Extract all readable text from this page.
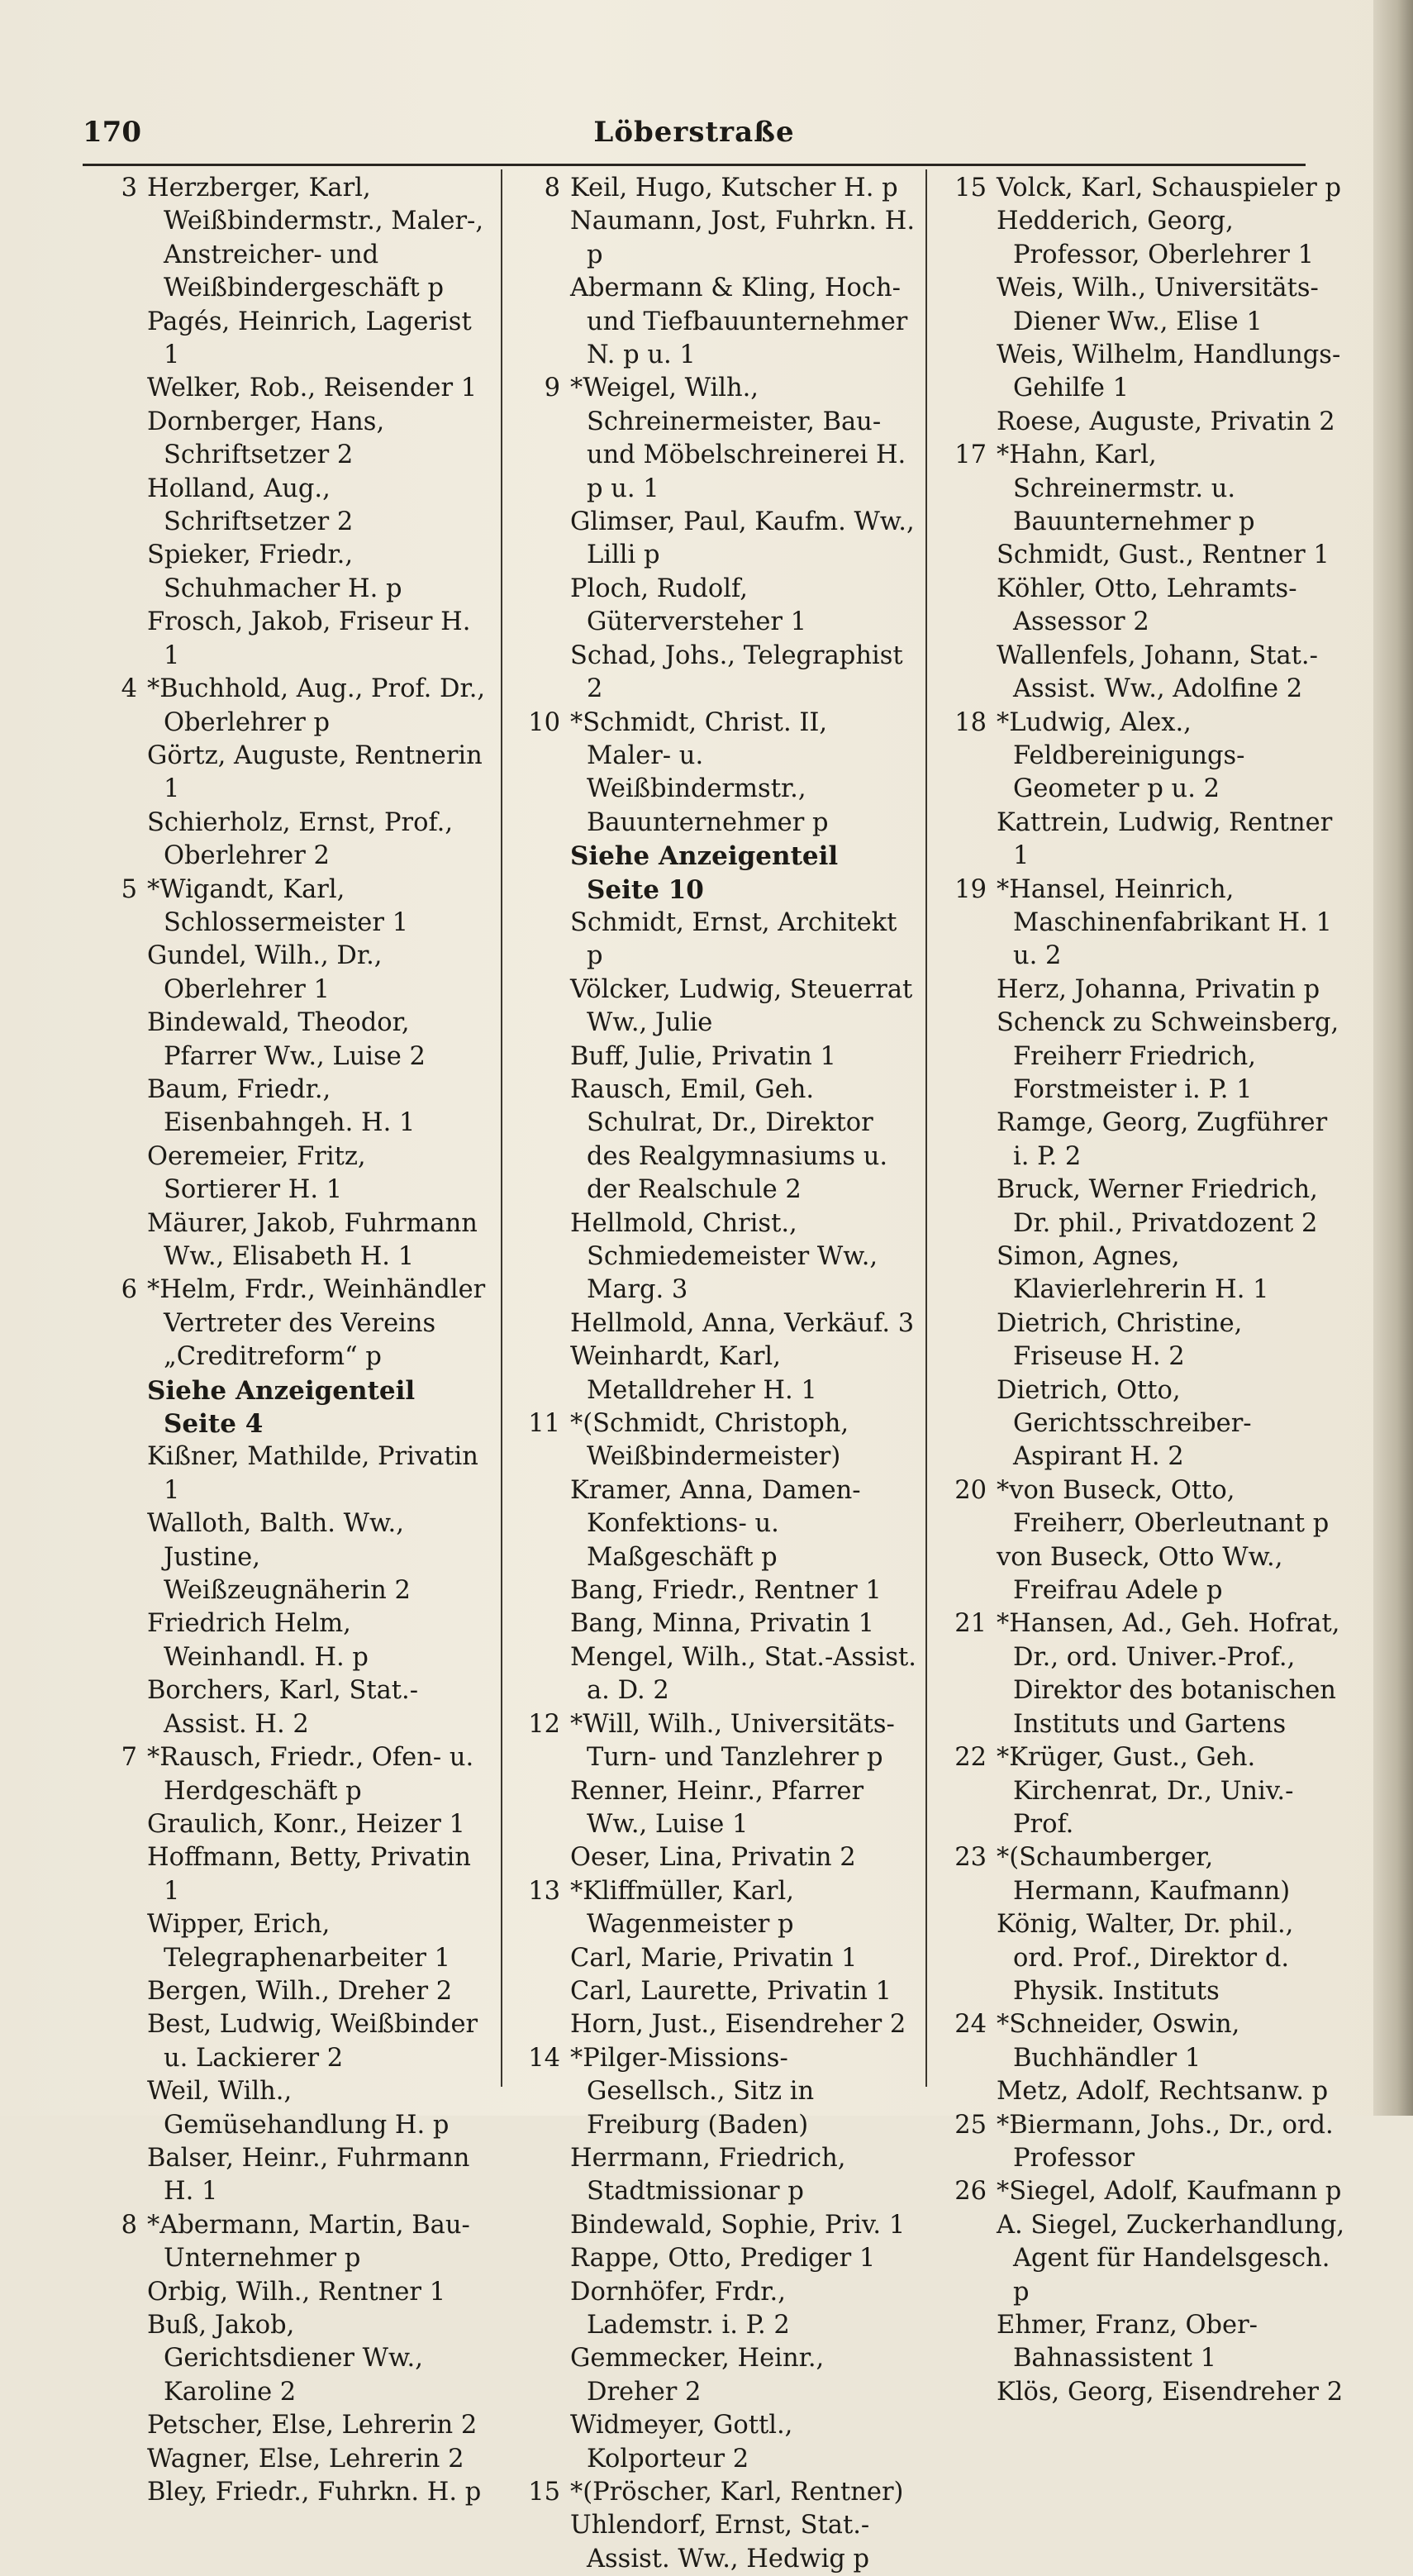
170	Löberstraße
3 Herzberger, Karl, Weißbindermstr., Maler-, Anstreicher- und Weißbindergeschäft p
Pagés, Heinrich, Lagerist 1
Welker, Rob., Reisender 1
Dornberger, Hans, Schriftsetzer 2
Holland, Aug., Schriftsetzer 2
Spieker, Friedr., Schuhmacher H. p
Frosch, Jakob, Friseur H. 1
4 *Buchhold, Aug., Prof. Dr., Oberlehrer p
Görtz, Auguste, Rentnerin 1
Schierholz, Ernst, Prof., Oberlehrer 2
5 *Wigandt, Karl, Schlossermeister 1
Gundel, Wilh., Dr., Oberlehrer 1
Bindewald, Theodor, Pfarrer Ww., Luise 2
Baum, Friedr., Eisenbahngeh. H. 1
Oeremeier, Fritz, Sortierer H. 1
Mäurer, Jakob, Fuhrmann Ww., Elisabeth H. 1
6 *Helm, Frdr., Weinhändler Vertreter des Vereins „Creditreform“ p
Siehe Anzeigenteil Seite 4
Kißner, Mathilde, Privatin 1
Walloth, Balth. Ww., Justine, Weißzeugnäherin 2
Friedrich Helm, Weinhandl. H. p
Borchers, Karl, Stat.-Assist. H. 2
7 *Rausch, Friedr., Ofen- u. Herdgeschäft p
Graulich, Konr., Heizer 1
Hoffmann, Betty, Privatin 1
Wipper, Erich, Telegraphenarbeiter 1
Bergen, Wilh., Dreher 2
Best, Ludwig, Weißbinder u. Lackierer 2
Weil, Wilh., Gemüsehandlung H. p
Balser, Heinr., Fuhrmann H. 1
8 *Abermann, Martin, Bau-Unternehmer p
Orbig, Wilh., Rentner 1
Buß, Jakob, Gerichtsdiener Ww., Karoline 2
Petscher, Else, Lehrerin 2
Wagner, Else, Lehrerin 2
Bley, Friedr., Fuhrkn. H. p
8 Keil, Hugo, Kutscher H. p
Naumann, Jost, Fuhrkn. H. p
Abermann & Kling, Hoch- und Tiefbauunternehmer N. p u. 1
9 *Weigel, Wilh., Schreinermeister, Bau- und Möbelschreinerei H. p u. 1
Glimser, Paul, Kaufm. Ww., Lilli p
Ploch, Rudolf, Güterversteher 1
Schad, Johs., Telegraphist 2
10 *Schmidt, Christ. II, Maler- u. Weißbindermstr., Bauunternehmer p
Siehe Anzeigenteil Seite 10
Schmidt, Ernst, Architekt p
Völcker, Ludwig, Steuerrat Ww., Julie
Buff, Julie, Privatin 1
Rausch, Emil, Geh. Schulrat, Dr., Direktor des Realgymnasiums u. der Realschule 2
Hellmold, Christ., Schmiedemeister Ww., Marg. 3
Hellmold, Anna, Verkäuf. 3
Weinhardt, Karl, Metalldreher H. 1
11 *(Schmidt, Christoph, Weißbindermeister)
Kramer, Anna, Damen-Konfektions- u. Maßgeschäft p
Bang, Friedr., Rentner 1
Bang, Minna, Privatin 1
Mengel, Wilh., Stat.-Assist. a. D. 2
12 *Will, Wilh., Universitäts-Turn- und Tanzlehrer p
Renner, Heinr., Pfarrer Ww., Luise 1
Oeser, Lina, Privatin 2
13 *Kliffmüller, Karl, Wagenmeister p
Carl, Marie, Privatin 1
Carl, Laurette, Privatin 1
Horn, Just., Eisendreher 2
14 *Pilger-Missions-Gesellsch., Sitz in Freiburg (Baden)
Herrmann, Friedrich, Stadtmissionar p
Bindewald, Sophie, Priv. 1
Rappe, Otto, Prediger 1
Dornhöfer, Frdr., Lademstr. i. P. 2
Gemmecker, Heinr., Dreher 2
Widmeyer, Gottl., Kolporteur 2
15 *(Pröscher, Karl, Rentner)
Uhlendorf, Ernst, Stat.-Assist. Ww., Hedwig p
15 Volck, Karl, Schauspieler p
Hedderich, Georg, Professor, Oberlehrer 1
Weis, Wilh., Universitäts-Diener Ww., Elise 1
Weis, Wilhelm, Handlungs-Gehilfe 1
Roese, Auguste, Privatin 2
17 *Hahn, Karl, Schreinermstr. u. Bauunternehmer p
Schmidt, Gust., Rentner 1
Köhler, Otto, Lehramts-Assessor 2
Wallenfels, Johann, Stat.-Assist. Ww., Adolfine 2
18 *Ludwig, Alex., Feldbereinigungs-Geometer p u. 2
Kattrein, Ludwig, Rentner 1
19 *Hansel, Heinrich, Maschinenfabrikant H. 1 u. 2
Herz, Johanna, Privatin p
Schenck zu Schweinsberg, Freiherr Friedrich, Forstmeister i. P. 1
Ramge, Georg, Zugführer i. P. 2
Bruck, Werner Friedrich, Dr. phil., Privatdozent 2
Simon, Agnes, Klavierlehrerin H. 1
Dietrich, Christine, Friseuse H. 2
Dietrich, Otto, Gerichtsschreiber-Aspirant H. 2
20 *von Buseck, Otto, Freiherr, Oberleutnant p
von Buseck, Otto Ww., Freifrau Adele p
21 *Hansen, Ad., Geh. Hofrat, Dr., ord. Univer.-Prof., Direktor des botanischen Instituts und Gartens
22 *Krüger, Gust., Geh. Kirchenrat, Dr., Univ.-Prof.
23 *(Schaumberger, Hermann, Kaufmann)
König, Walter, Dr. phil., ord. Prof., Direktor d. Physik. Instituts
24 *Schneider, Oswin, Buchhändler 1
Metz, Adolf, Rechtsanw. p
25 *Biermann, Johs., Dr., ord. Professor
26 *Siegel, Adolf, Kaufmann p
A. Siegel, Zuckerhandlung, Agent für Handelsgesch. p
Ehmer, Franz, Ober-Bahnassistent 1
Klös, Georg, Eisendreher 2
